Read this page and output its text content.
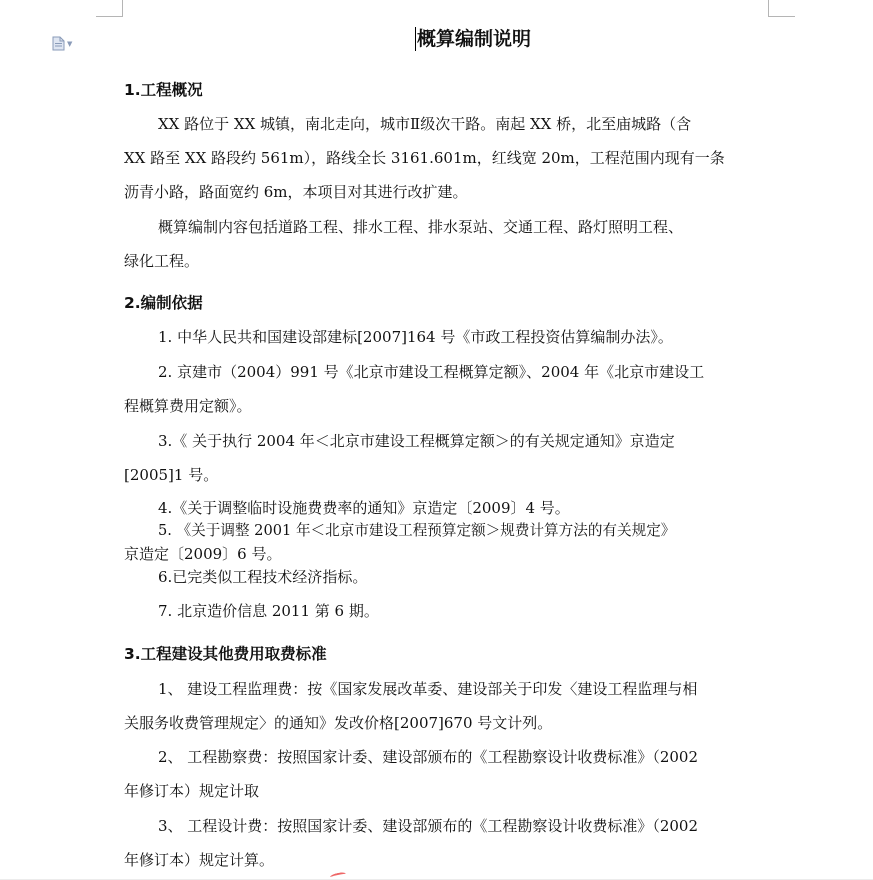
▼	概算编制说明

1.工程概况

XX 路位于 XX 城镇，南北走向，城市Ⅱ级次干路。南起 XX 桥，北至庙城路（含

XX 路至 XX 路段约 561m），路线全长 3161.601m，红线宽 20m，工程范围内现有一条

沥青小路，路面宽约 6m，本项目对其进行改扩建。

概算编制内容包括道路工程、排水工程、排水泵站、交通工程、路灯照明工程、

绿化工程。

2.编制依据

1. 中华人民共和国建设部建标[2007]164 号《市政工程投资估算编制办法》。

2. 京建市（2004）991 号《北京市建设工程概算定额》、2004 年《北京市建设工

程概算费用定额》。

3.《 关于执行 2004 年＜北京市建设工程概算定额＞的有关规定通知》京造定

[2005]1 号。

4.《关于调整临时设施费费率的通知》京造定〔2009〕4 号。

5. 《关于调整 2001 年＜北京市建设工程预算定额＞规费计算方法的有关规定》

京造定〔2009〕6 号。

6.已完类似工程技术经济指标。

7. 北京造价信息 2011 第 6 期。

3.工程建设其他费用取费标准

1、 建设工程监理费：按《国家发展改革委、建设部关于印发〈建设工程监理与相

关服务收费管理规定〉的通知》发改价格[2007]670 号文计列。

2、 工程勘察费：按照国家计委、建设部颁布的《工程勘察设计收费标准》（2002

年修订本）规定计取

3、 工程设计费：按照国家计委、建设部颁布的《工程勘察设计收费标准》（2002

年修订本）规定计算。
